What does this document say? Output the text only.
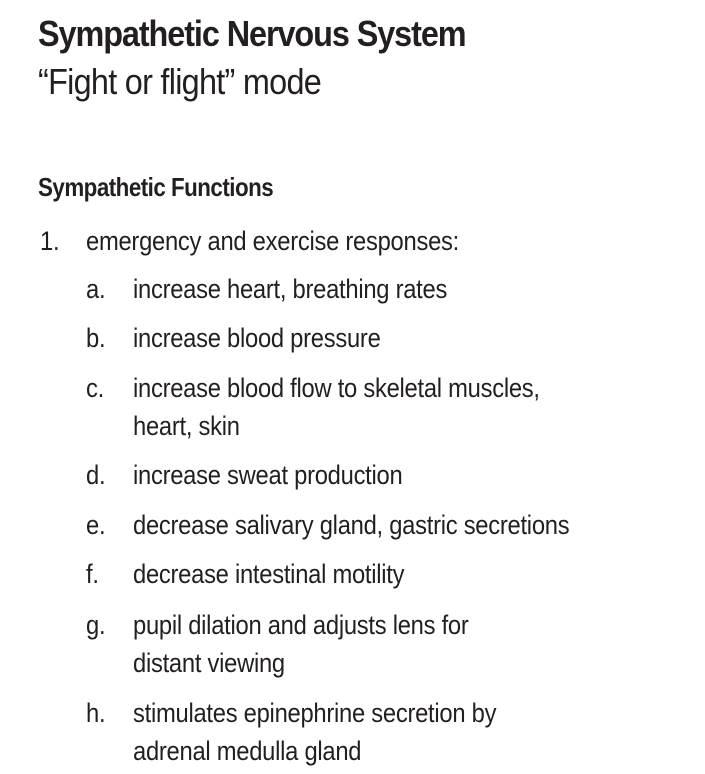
Sympathetic Nervous System
“Fight or flight” mode
Sympathetic Functions
1. emergency and exercise responses:
a. increase heart, breathing rates
b. increase blood pressure
c. increase blood flow to skeletal muscles,
heart, skin
d. increase sweat production
e. decrease salivary gland, gastric secretions
f. decrease intestinal motility
g. pupil dilation and adjusts lens for
distant viewing
h. stimulates epinephrine secretion by
adrenal medulla gland
